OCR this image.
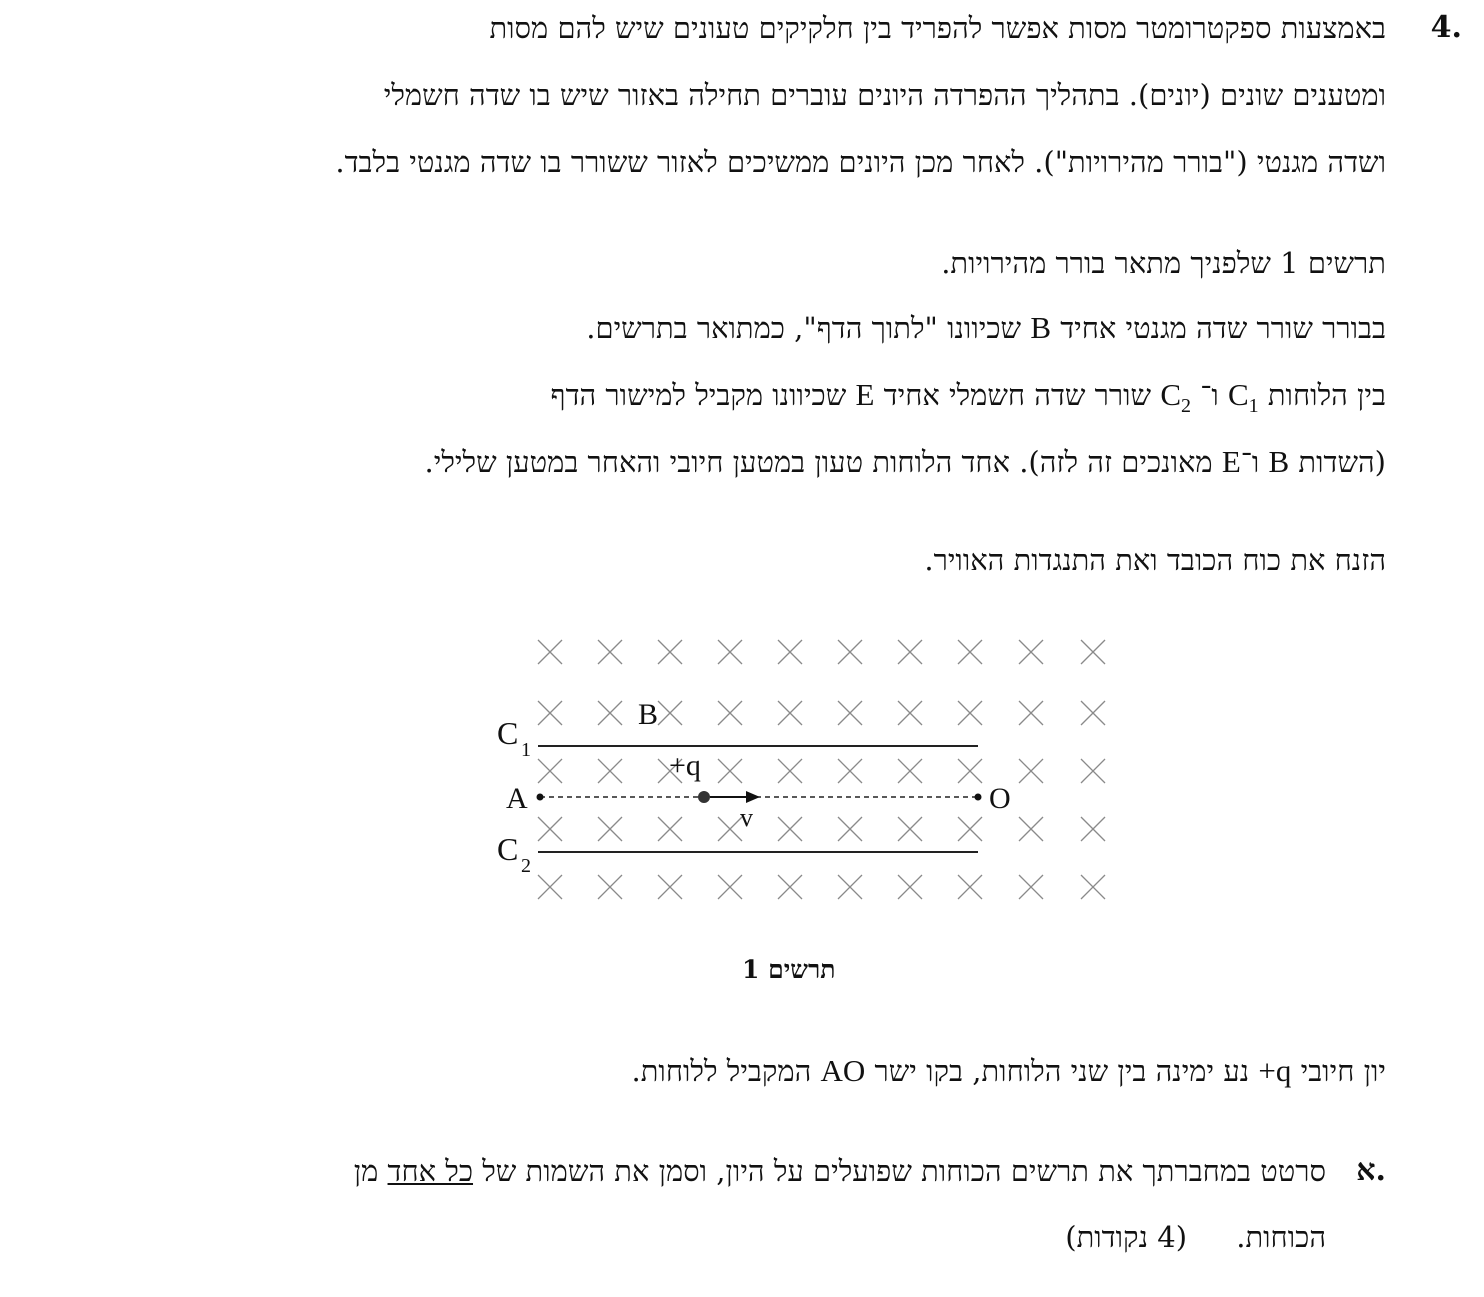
4.
באמצעות ספקטרומטר מסות אפשר להפריד בין חלקיקים טעונים שיש להם מסות
ומטענים שונים (יונים). בתהליך ההפרדה היונים עוברים תחילה באזור שיש בו שדה חשמלי
ושדה מגנטי ("בורר מהירויות"). לאחר מכן היונים ממשיכים לאזור ששורר בו שדה מגנטי בלבד.
תרשים 1 שלפניך מתאר בורר מהירויות.
בבורר שורר שדה מגנטי אחיד B שכיוונו "לתוך הדף", כמתואר בתרשים.
בין הלוחות $C_1$ ו־ $C_2$ שורר שדה חשמלי אחיד E שכיוונו מקביל למישור הדף
(השדות B ו־E מאונכים זה לזה). אחד הלוחות טעון במטען חיובי והאחר במטען שלילי.
הזנח את כוח הכובד ואת התנגדות האוויר.
B
C 1
C 2
A	O
+q
v
תרשים 1
יון חיובי +q נע ימינה בין שני הלוחות, בקו ישר AO המקביל ללוחות.
א.
סרטט במחברתך את תרשים הכוחות שפועלים על היון, וסמן את השמות של כל אחד מן
הכוחות. (4 נקודות)
